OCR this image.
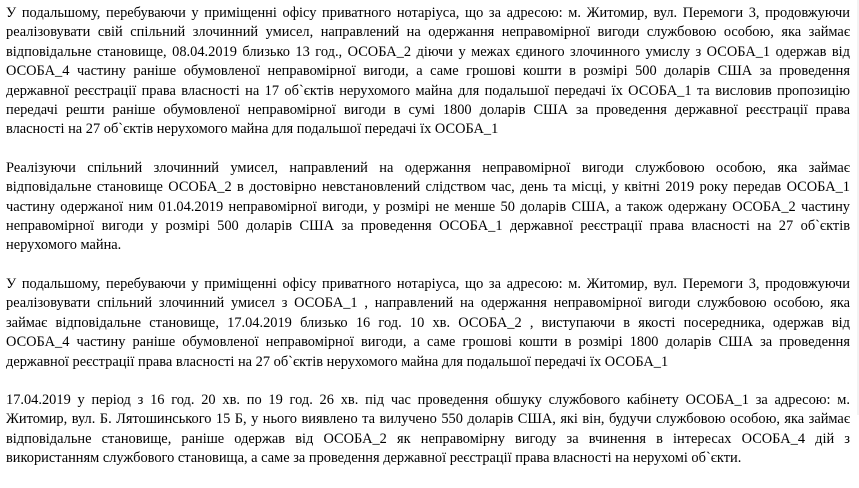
У подальшому, перебуваючи у приміщенні офісу приватного нотаріуса, що за адресою: м. Житомир, вул. Перемоги 3, продовжуючи
реалізовувати свій спільний злочинний умисел, направлений на одержання неправомірної вигоди службовою особою, яка займає
відповідальне становище, 08.04.2019 близько 13 год., ОСОБА_2 діючи у межах єдиного злочинного умислу з ОСОБА_1 одержав від
ОСОБА_4 частину раніше обумовленої неправомірної вигоди, а саме грошові кошти в розмірі 500 доларів США за проведення
державної реєстрації права власності на 17 об`єктів нерухомого майна для подальшої передачі їх ОСОБА_1 та висловив пропозицію
передачі решти раніше обумовленої неправомірної вигоди в сумі 1800 доларів США за проведення державної реєстрації права
власності на 27 об`єктів нерухомого майна для подальшої передачі їх ОСОБА_1

Реалізуючи спільний злочинний умисел, направлений на одержання неправомірної вигоди службовою особою, яка займає
відповідальне становище ОСОБА_2 в достовірно невстановлений слідством час, день та місці, у квітні 2019 року передав ОСОБА_1
частину одержаної ним 01.04.2019 неправомірної вигоди, у розмірі не менше 50 доларів США, а також одержану ОСОБА_2 частину
неправомірної вигоди у розмірі 500 доларів США за проведення ОСОБА_1 державної реєстрації права власності на 27 об`єктів
нерухомого майна.

У подальшому, перебуваючи у приміщенні офісу приватного нотаріуса, що за адресою: м. Житомир, вул. Перемоги 3, продовжуючи
реалізовувати спільний злочинний умисел з ОСОБА_1 , направлений на одержання неправомірної вигоди службовою особою, яка
займає відповідальне становище, 17.04.2019 близько 16 год. 10 хв. ОСОБА_2 , виступаючи в якості посередника, одержав від
ОСОБА_4 частину раніше обумовленої неправомірної вигоди, а саме грошові кошти в розмірі 1800 доларів США за проведення
державної реєстрації права власності на 27 об`єктів нерухомого майна для подальшої передачі їх ОСОБА_1

17.04.2019 у період з 16 год. 20 хв. по 19 год. 26 хв. під час проведення обшуку службового кабінету ОСОБА_1 за адресою: м.
Житомир, вул. Б. Лятошинського 15 Б, у нього виявлено та вилучено 550 доларів США, які він, будучи службовою особою, яка займає
відповідальне становище, раніше одержав від ОСОБА_2 як неправомірну вигоду за вчинення в інтересах ОСОБА_4 дій з
використанням службового становища, а саме за проведення державної реєстрації права власності на нерухомі об`єкти.
